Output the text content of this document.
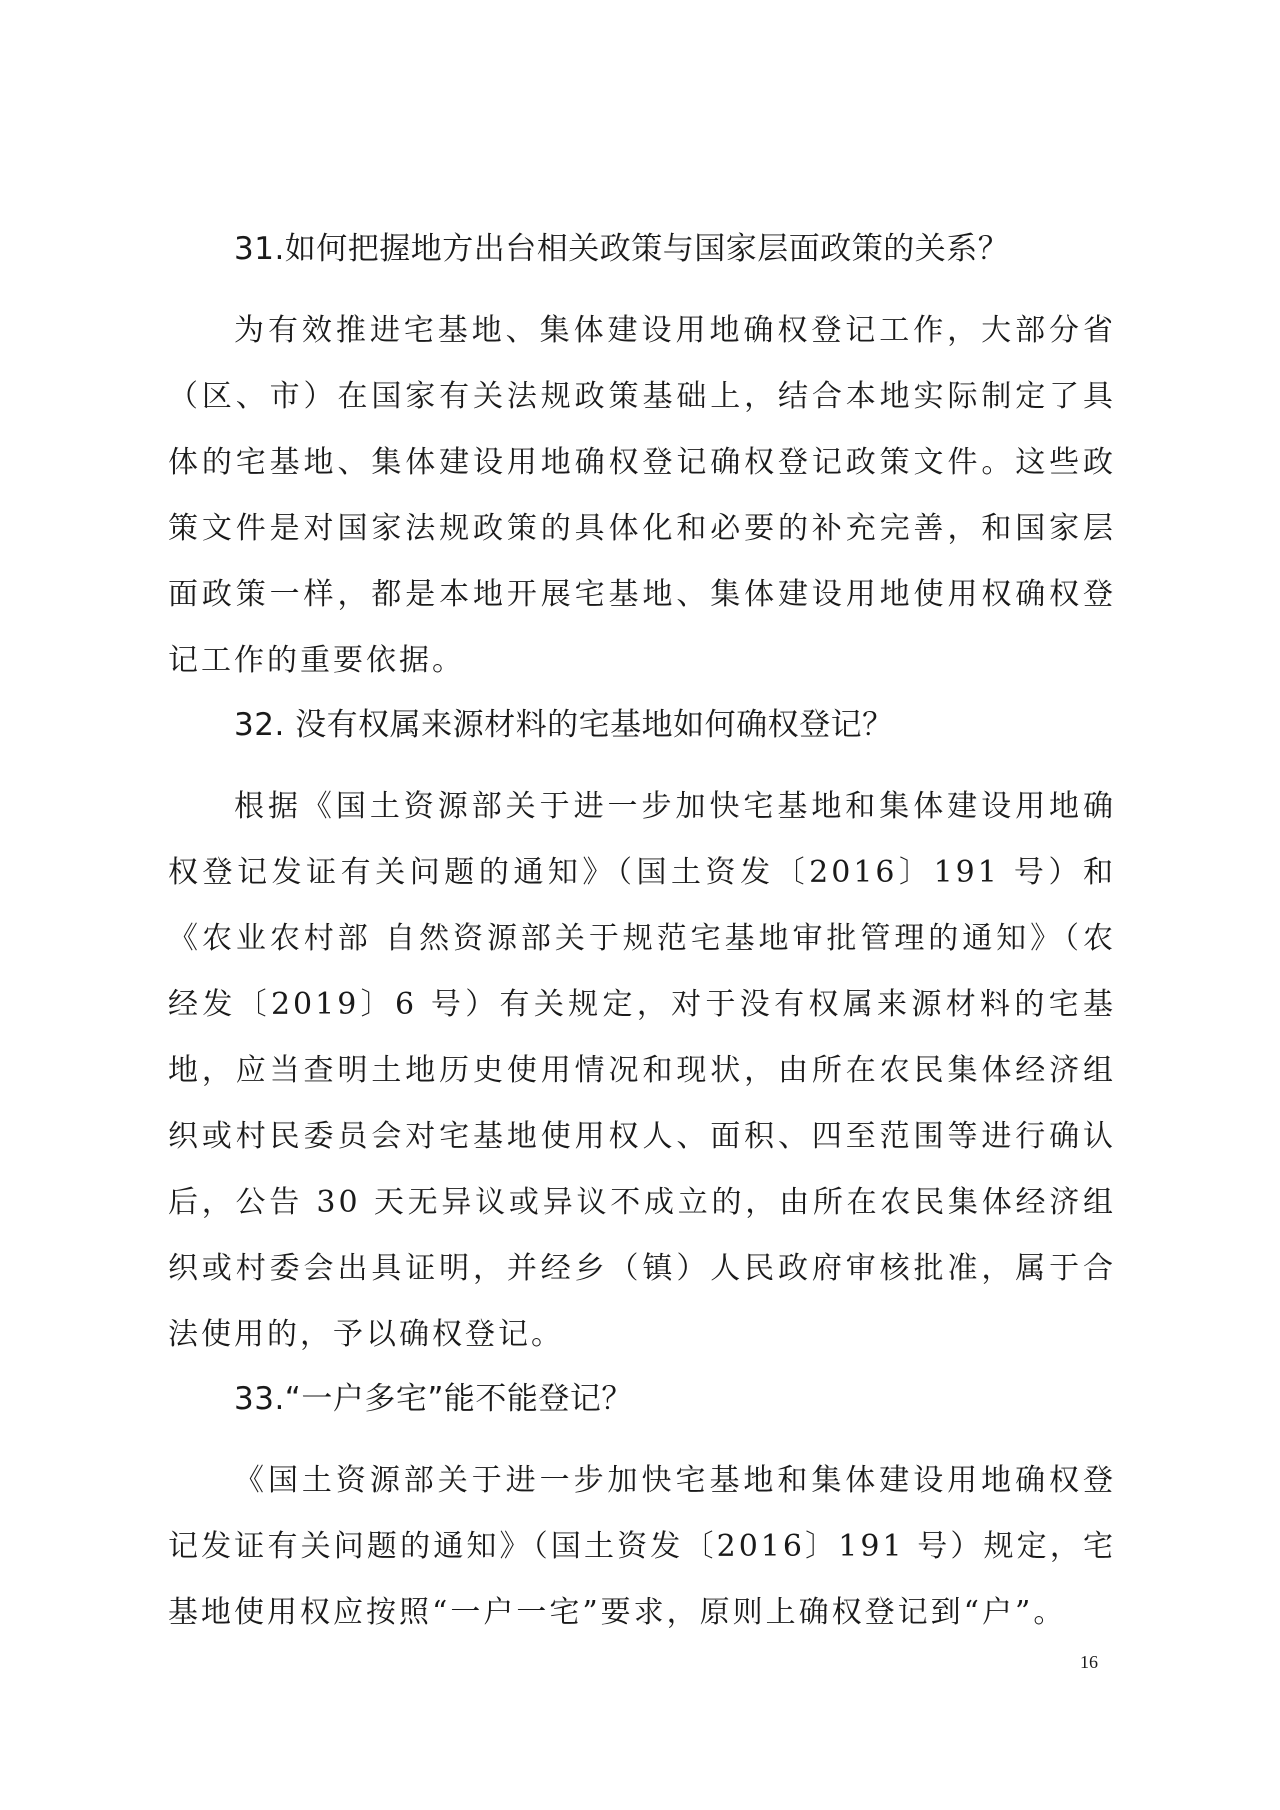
31.如何把握地方出台相关政策与国家层面政策的关系？

为有效推进宅基地、集体建设用地确权登记工作，大部分省（区、市）在国家有关法规政策基础上，结合本地实际制定了具体的宅基地、集体建设用地确权登记确权登记政策文件。这些政策文件是对国家法规政策的具体化和必要的补充完善，和国家层面政策一样，都是本地开展宅基地、集体建设用地使用权确权登记工作的重要依据。

32. 没有权属来源材料的宅基地如何确权登记？

根据《国土资源部关于进一步加快宅基地和集体建设用地确权登记发证有关问题的通知》（国土资发〔2016〕191 号）和《农业农村部 自然资源部关于规范宅基地审批管理的通知》（农经发〔2019〕6 号）有关规定，对于没有权属来源材料的宅基地，应当查明土地历史使用情况和现状，由所在农民集体经济组织或村民委员会对宅基地使用权人、面积、四至范围等进行确认后，公告 30 天无异议或异议不成立的，由所在农民集体经济组织或村委会出具证明，并经乡（镇）人民政府审核批准，属于合法使用的，予以确权登记。

33.“一户多宅”能不能登记？

《国土资源部关于进一步加快宅基地和集体建设用地确权登记发证有关问题的通知》（国土资发〔2016〕191 号）规定，宅基地使用权应按照“一户一宅”要求，原则上确权登记到“户”。

16
